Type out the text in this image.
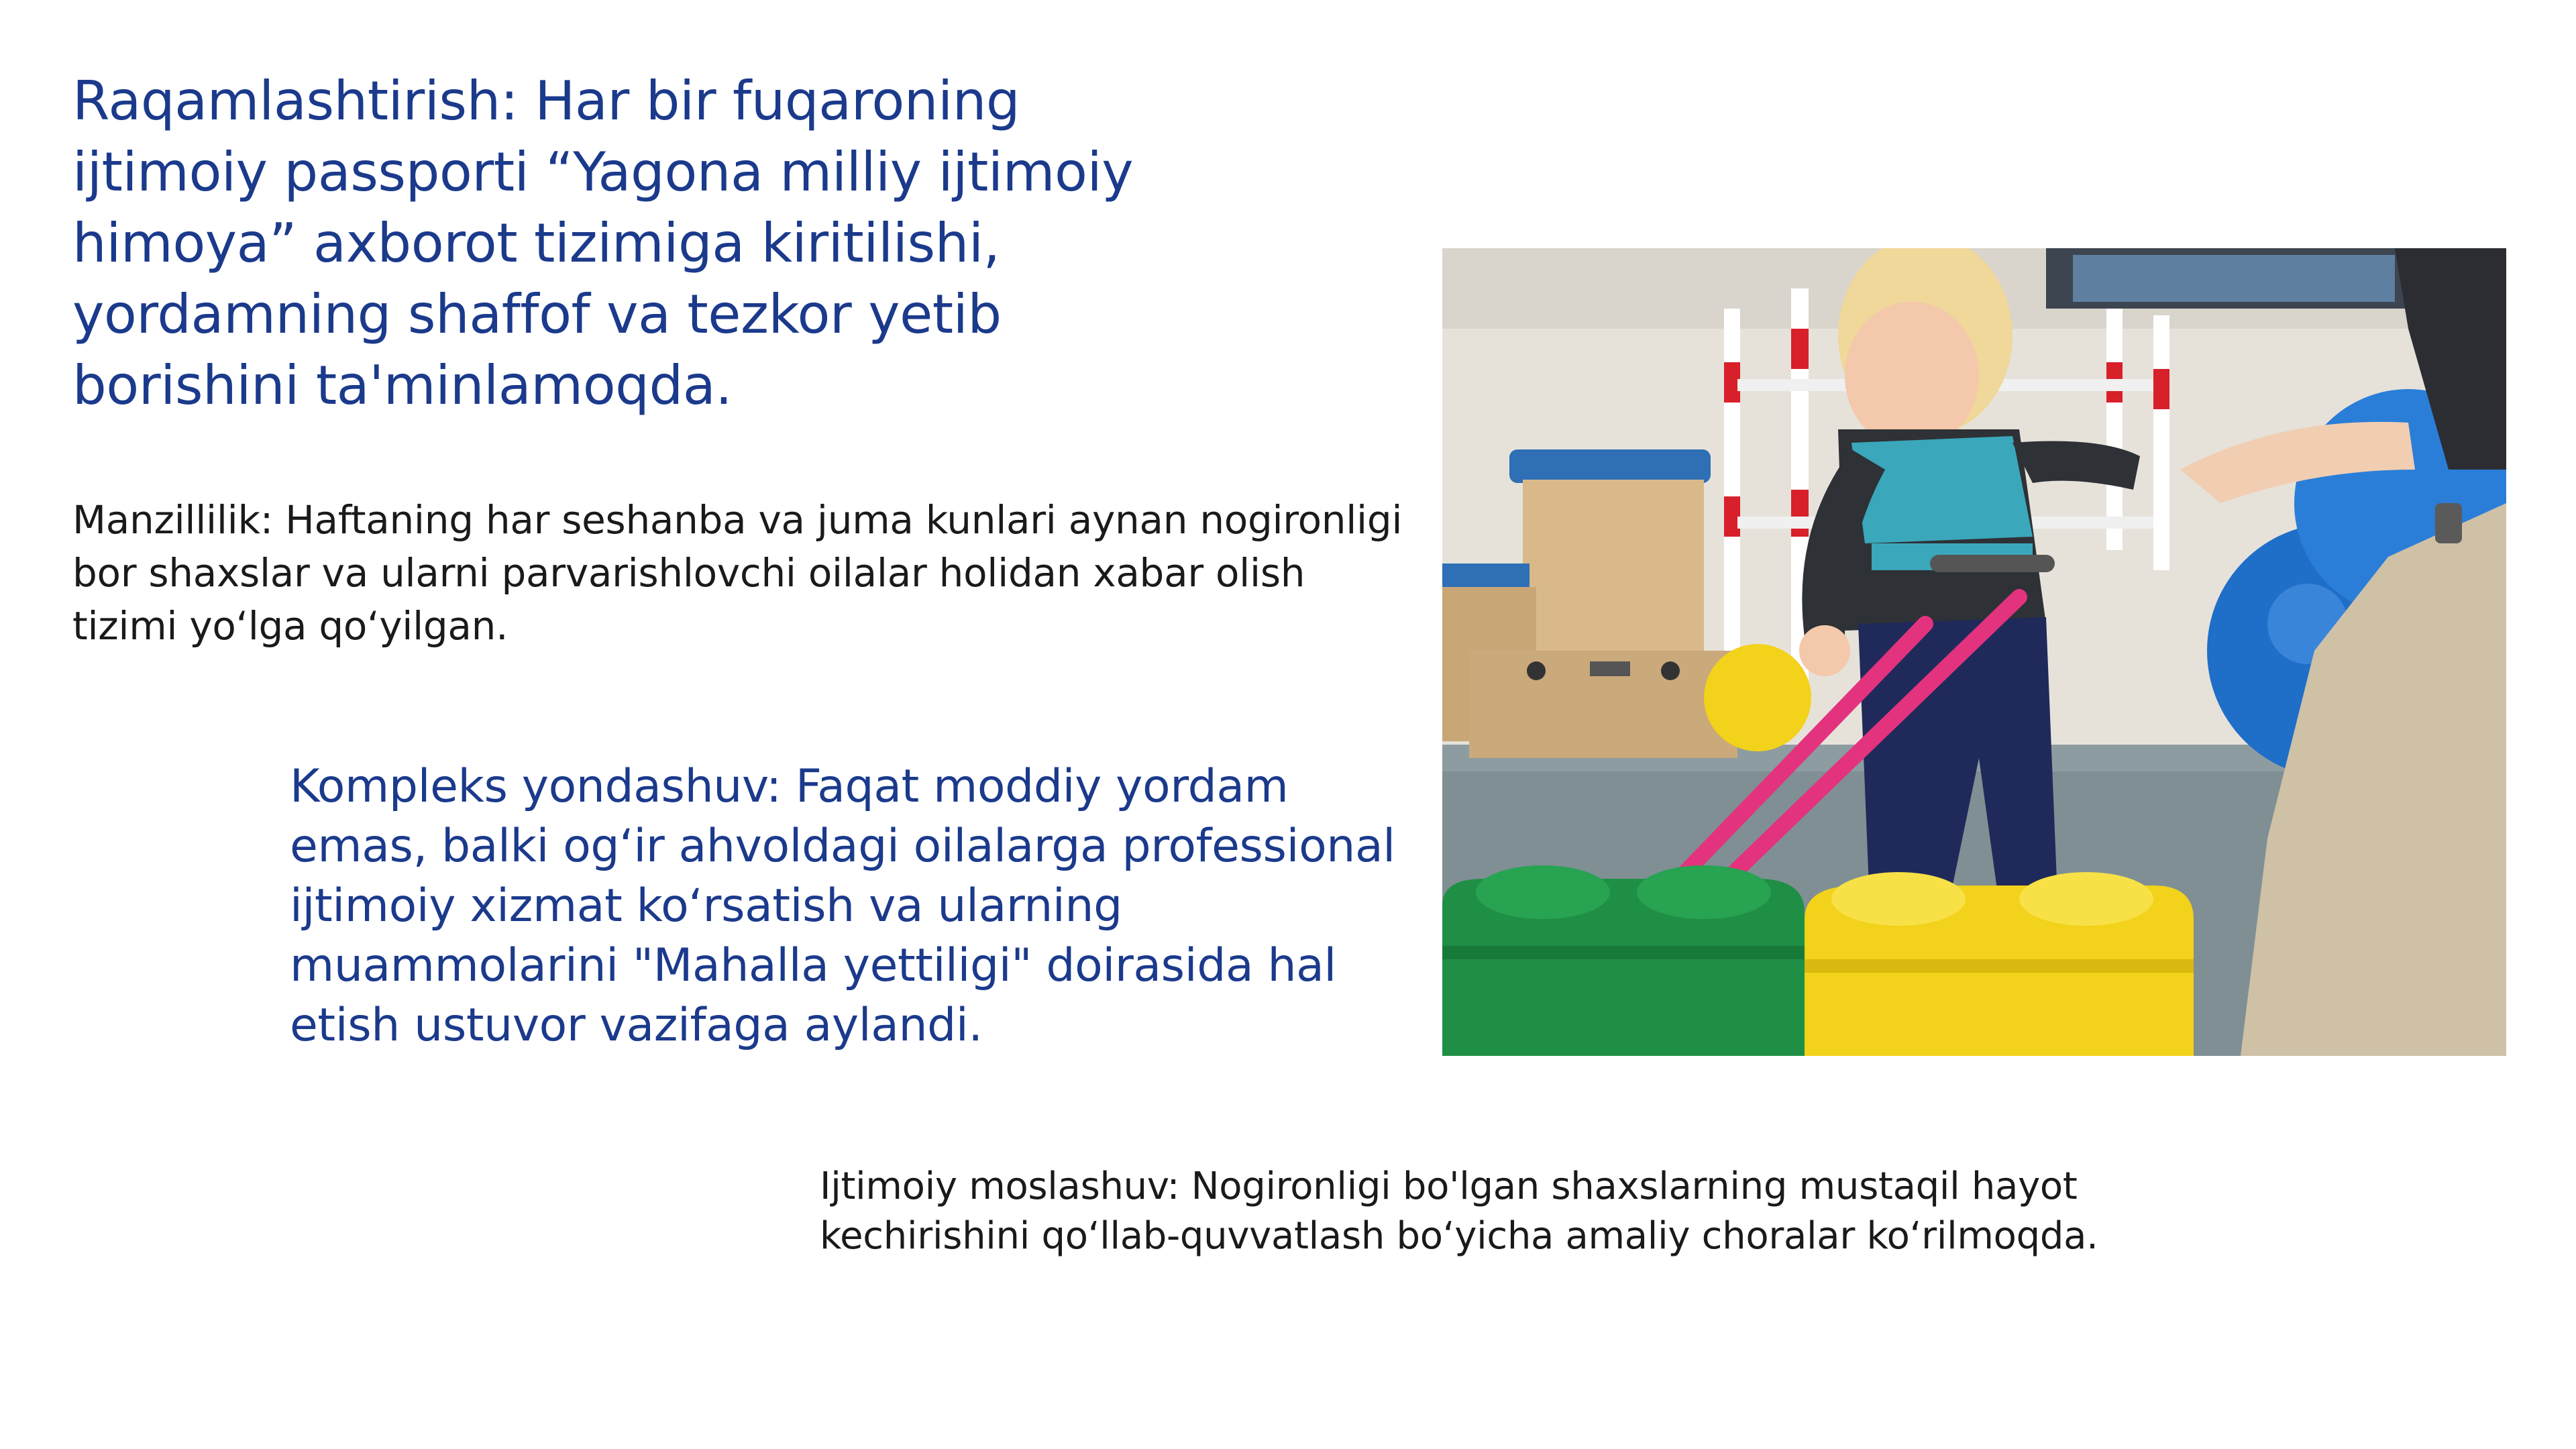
Raqamlashtirish: Har bir fuqaroning ijtimoiy passporti “Yagona milliy ijtimoiy himoya” axborot tizimiga kiritilishi, yordamning shaffof va tezkor yetib borishini ta'minlamoqda.

Manzillilik: Haftaning har seshanba va juma kunlari aynan nogironligi bor shaxslar va ularni parvarishlovchi oilalar holidan xabar olish tizimi yoʻlga qoʻyilgan.

Kompleks yondashuv: Faqat moddiy yordam emas, balki ogʻir ahvoldagi oilalarga professional ijtimoiy xizmat koʻrsatish va ularning muammolarini "Mahalla yettiligi" doirasida hal etish ustuvor vazifaga aylandi.

Ijtimoiy moslashuv: Nogironligi bo'lgan shaxslarning mustaqil hayot kechirishini qoʻllab-quvvatlash boʻyicha amaliy choralar koʻrilmoqda.
